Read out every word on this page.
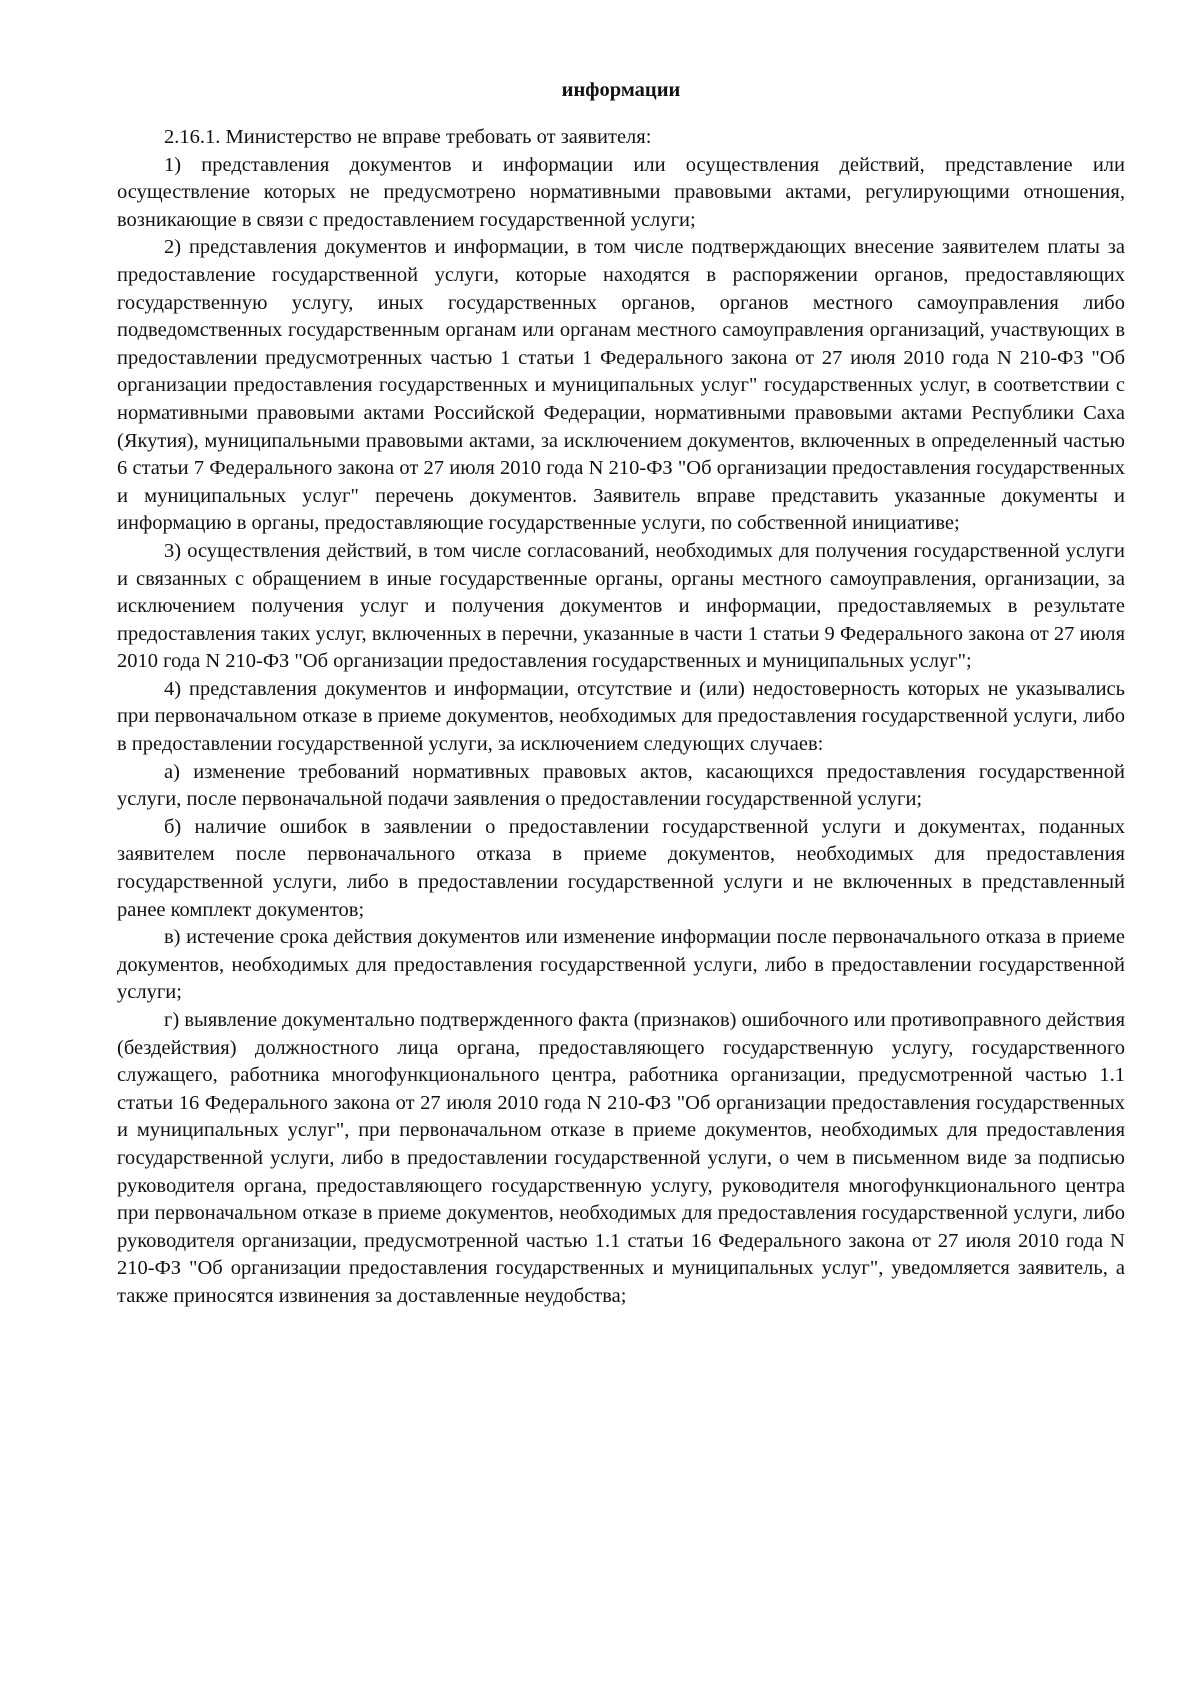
информации

2.16.1. Министерство не вправе требовать от заявителя:

1) представления документов и информации или осуществления действий, представление или осуществление которых не предусмотрено нормативными правовыми актами, регулирующими отношения, возникающие в связи с предоставлением государственной услуги;

2) представления документов и информации, в том числе подтверждающих внесение заявителем платы за предоставление государственной услуги, которые находятся в распоряжении органов, предоставляющих государственную услугу, иных государственных органов, органов местного самоуправления либо подведомственных государственным органам или органам местного самоуправления организаций, участвующих в предоставлении предусмотренных частью 1 статьи 1 Федерального закона от 27 июля 2010 года N 210-ФЗ "Об организации предоставления государственных и муниципальных услуг" государственных услуг, в соответствии с нормативными правовыми актами Российской Федерации, нормативными правовыми актами Республики Саха (Якутия), муниципальными правовыми актами, за исключением документов, включенных в определенный частью 6 статьи 7 Федерального закона от 27 июля 2010 года N 210-ФЗ "Об организации предоставления государственных и муниципальных услуг" перечень документов. Заявитель вправе представить указанные документы и информацию в органы, предоставляющие государственные услуги, по собственной инициативе;

3) осуществления действий, в том числе согласований, необходимых для получения государственной услуги и связанных с обращением в иные государственные органы, органы местного самоуправления, организации, за исключением получения услуг и получения документов и информации, предоставляемых в результате предоставления таких услуг, включенных в перечни, указанные в части 1 статьи 9 Федерального закона от 27 июля 2010 года N 210-ФЗ "Об организации предоставления государственных и муниципальных услуг";

4) представления документов и информации, отсутствие и (или) недостоверность которых не указывались при первоначальном отказе в приеме документов, необходимых для предоставления государственной услуги, либо в предоставлении государственной услуги, за исключением следующих случаев:

а) изменение требований нормативных правовых актов, касающихся предоставления государственной услуги, после первоначальной подачи заявления о предоставлении государственной услуги;

б) наличие ошибок в заявлении о предоставлении государственной услуги и документах, поданных заявителем после первоначального отказа в приеме документов, необходимых для предоставления государственной услуги, либо в предоставлении государственной услуги и не включенных в представленный ранее комплект документов;

в) истечение срока действия документов или изменение информации после первоначального отказа в приеме документов, необходимых для предоставления государственной услуги, либо в предоставлении государственной услуги;

г) выявление документально подтвержденного факта (признаков) ошибочного или противоправного действия (бездействия) должностного лица органа, предоставляющего государственную услугу, государственного служащего, работника многофункционального центра, работника организации, предусмотренной частью 1.1 статьи 16 Федерального закона от 27 июля 2010 года N 210-ФЗ "Об организации предоставления государственных и муниципальных услуг", при первоначальном отказе в приеме документов, необходимых для предоставления государственной услуги, либо в предоставлении государственной услуги, о чем в письменном виде за подписью руководителя органа, предоставляющего государственную услугу, руководителя многофункционального центра при первоначальном отказе в приеме документов, необходимых для предоставления государственной услуги, либо руководителя организации, предусмотренной частью 1.1 статьи 16 Федерального закона от 27 июля 2010 года N 210-ФЗ "Об организации предоставления государственных и муниципальных услуг", уведомляется заявитель, а также приносятся извинения за доставленные неудобства;
